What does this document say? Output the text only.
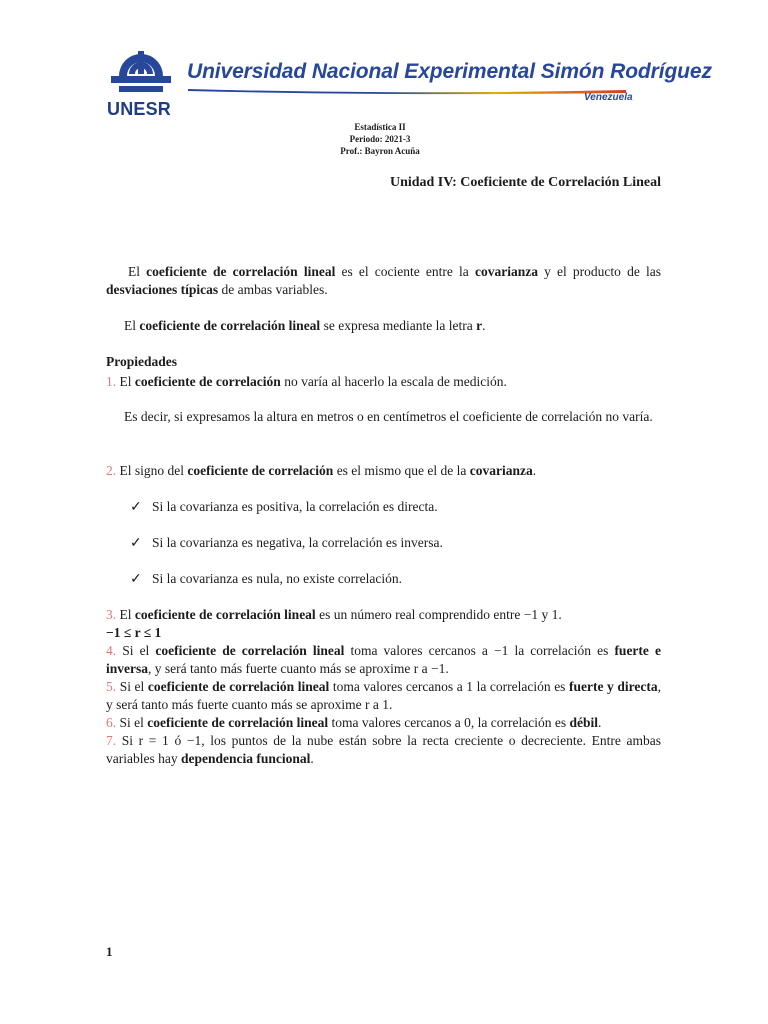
UNESR
Universidad Nacional Experimental Simón Rodríguez
Venezuela
Estadística II
Periodo: 2021-3
Prof.: Bayron Acuña
Unidad IV: Coeficiente de Correlación Lineal
El coeficiente de correlación lineal es el cociente entre la covarianza y el producto de las desviaciones típicas de ambas variables.
El coeficiente de correlación lineal se expresa mediante la letra r.
Propiedades
1. El coeficiente de correlación no varía al hacerlo la escala de medición.
Es decir, si expresamos la altura en metros o en centímetros el coeficiente de correlación no varía.
2. El signo del coeficiente de correlación es el mismo que el de la covarianza.
✓ Si la covarianza es positiva, la correlación es directa.
✓ Si la covarianza es negativa, la correlación es inversa.
✓ Si la covarianza es nula, no existe correlación.
3. El coeficiente de correlación lineal es un número real comprendido entre −1 y 1.
−1 ≤ r ≤ 1
4. Si el coeficiente de correlación lineal toma valores cercanos a −1 la correlación es fuerte e inversa, y será tanto más fuerte cuanto más se aproxime r a −1.
5. Si el coeficiente de correlación lineal toma valores cercanos a 1 la correlación es fuerte y directa, y será tanto más fuerte cuanto más se aproxime r a 1.
6. Si el coeficiente de correlación lineal toma valores cercanos a 0, la correlación es débil.
7. Si r = 1 ó −1, los puntos de la nube están sobre la recta creciente o decreciente. Entre ambas variables hay dependencia funcional.
1
